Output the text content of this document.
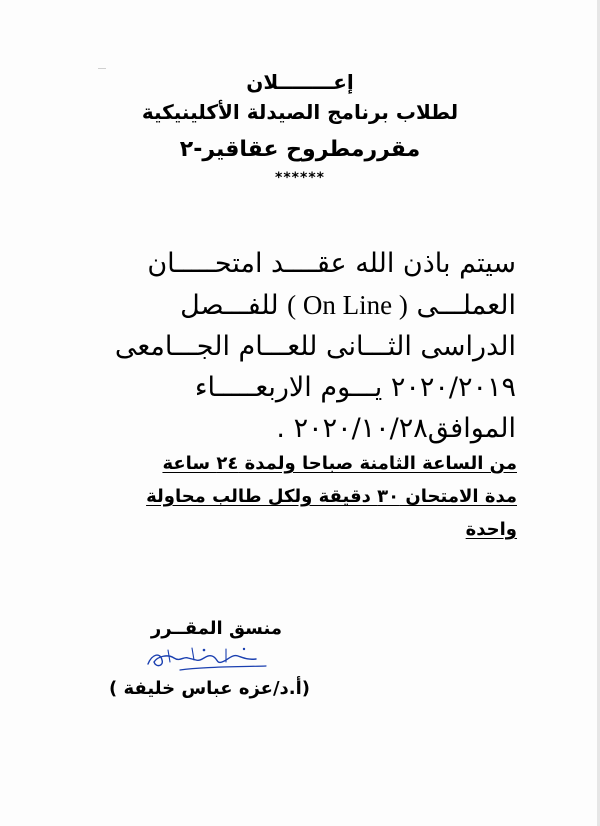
إعــــــــلان
لطلاب برنامج الصيدلة الأكلينيكية
مقررمطروح عقاقير-٢
******
سيتم باذن الله عقــــد امتحـــــان
العملـــى ( On Line ) للفـــصل
الدراسى الثـــانى للعـــام الجـــامعى
٢٠٢٠/٢٠١٩ يـــوم الاربعـــــاء
الموافق٢٠٢٠/١٠/٢٨ .
من الساعة الثامنة صباحا ولمدة ٢٤ ساعة
مدة الامتحان ٣٠ دقيقة ولكل طالب محاولة
واحدة
منسق المقــرر
(أ.د/عزه عباس خليفة )
